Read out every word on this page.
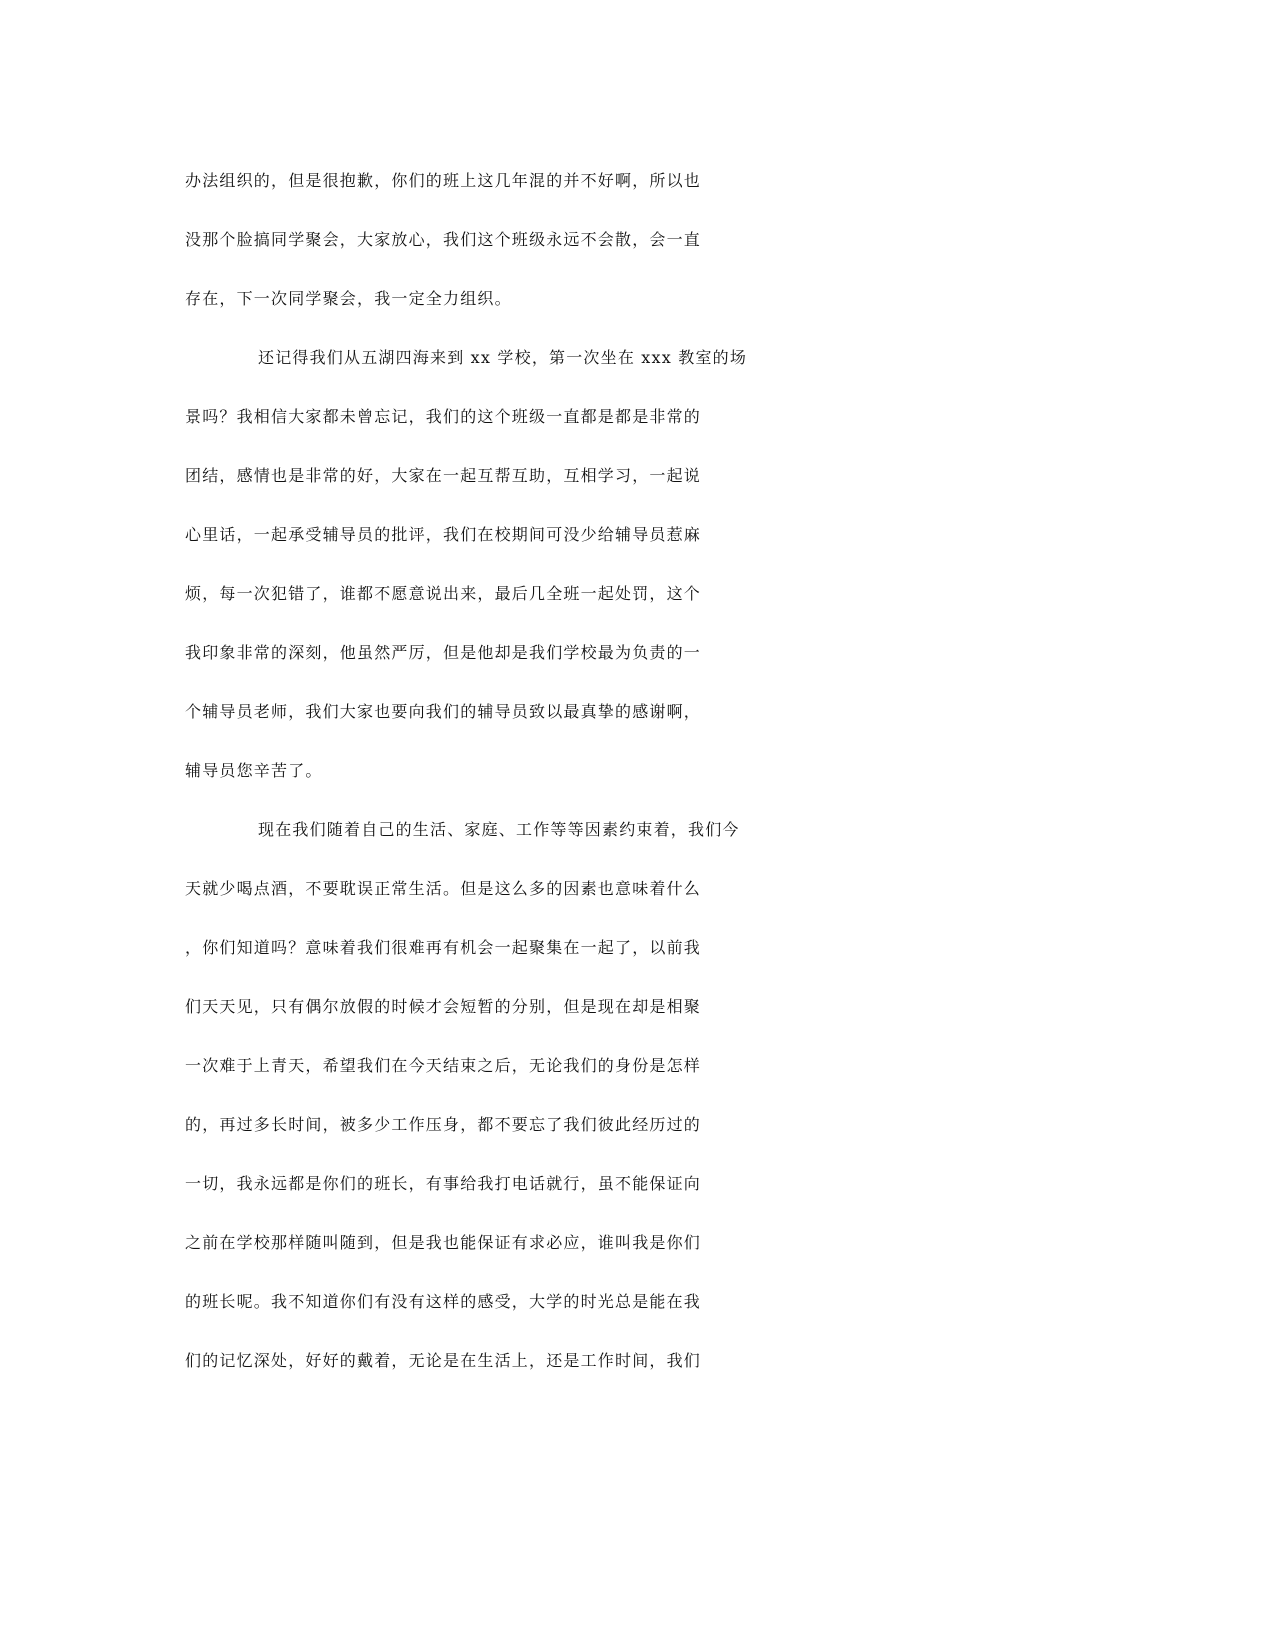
办法组织的，但是很抱歉，你们的班上这几年混的并不好啊，所以也
没那个脸搞同学聚会，大家放心，我们这个班级永远不会散，会一直
存在，下一次同学聚会，我一定全力组织。
还记得我们从五湖四海来到 xx 学校，第一次坐在 xxx 教室的场
景吗？我相信大家都未曾忘记，我们的这个班级一直都是都是非常的
团结，感情也是非常的好，大家在一起互帮互助，互相学习，一起说
心里话，一起承受辅导员的批评，我们在校期间可没少给辅导员惹麻
烦，每一次犯错了，谁都不愿意说出来，最后几全班一起处罚，这个
我印象非常的深刻，他虽然严厉，但是他却是我们学校最为负责的一
个辅导员老师，我们大家也要向我们的辅导员致以最真挚的感谢啊，
辅导员您辛苦了。
现在我们随着自己的生活、家庭、工作等等因素约束着，我们今
天就少喝点酒，不要耽误正常生活。但是这么多的因素也意味着什么
，你们知道吗？意味着我们很难再有机会一起聚集在一起了，以前我
们天天见，只有偶尔放假的时候才会短暂的分别，但是现在却是相聚
一次难于上青天，希望我们在今天结束之后，无论我们的身份是怎样
的，再过多长时间，被多少工作压身，都不要忘了我们彼此经历过的
一切，我永远都是你们的班长，有事给我打电话就行，虽不能保证向
之前在学校那样随叫随到，但是我也能保证有求必应，谁叫我是你们
的班长呢。我不知道你们有没有这样的感受，大学的时光总是能在我
们的记忆深处，好好的戴着，无论是在生活上，还是工作时间，我们
